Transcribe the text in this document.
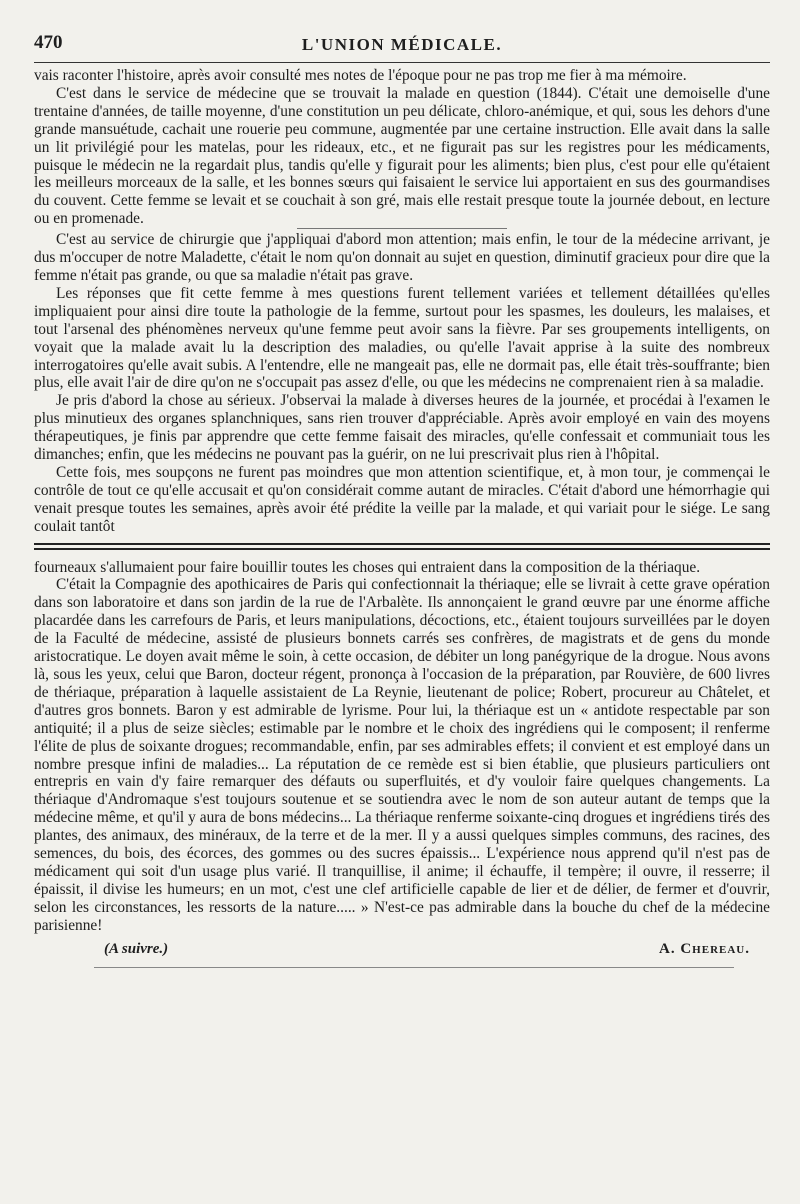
470	L'UNION MÉDICALE.

vais raconter l'histoire, après avoir consulté mes notes de l'époque pour ne pas trop me fier à ma mémoire.

C'est dans le service de médecine que se trouvait la malade en question (1844). C'était une demoiselle d'une trentaine d'années, de taille moyenne, d'une constitution un peu délicate, chloro-anémique, et qui, sous les dehors d'une grande mansuétude, cachait une rouerie peu commune, augmentée par une certaine instruction. Elle avait dans la salle un lit privilégié pour les matelas, pour les rideaux, etc., et ne figurait pas sur les registres pour les médicaments, puisque le médecin ne la regardait plus, tandis qu'elle y figurait pour les aliments; bien plus, c'est pour elle qu'étaient les meilleurs morceaux de la salle, et les bonnes sœurs qui faisaient le service lui apportaient en sus des gourmandises du couvent. Cette femme se levait et se couchait à son gré, mais elle restait presque toute la journée debout, en lecture ou en promenade.

C'est au service de chirurgie que j'appliquai d'abord mon attention; mais enfin, le tour de la médecine arrivant, je dus m'occuper de notre Maladette, c'était le nom qu'on donnait au sujet en question, diminutif gracieux pour dire que la femme n'était pas grande, ou que sa maladie n'était pas grave.

Les réponses que fit cette femme à mes questions furent tellement variées et tellement détaillées qu'elles impliquaient pour ainsi dire toute la pathologie de la femme, surtout pour les spasmes, les douleurs, les malaises, et tout l'arsenal des phénomènes nerveux qu'une femme peut avoir sans la fièvre. Par ses groupements intelligents, on voyait que la malade avait lu la description des maladies, ou qu'elle l'avait apprise à la suite des nombreux interrogatoires qu'elle avait subis. A l'entendre, elle ne mangeait pas, elle ne dormait pas, elle était très-souffrante; bien plus, elle avait l'air de dire qu'on ne s'occupait pas assez d'elle, ou que les médecins ne comprenaient rien à sa maladie.

Je pris d'abord la chose au sérieux. J'observai la malade à diverses heures de la journée, et procédai à l'examen le plus minutieux des organes splanchniques, sans rien trouver d'appréciable. Après avoir employé en vain des moyens thérapeutiques, je finis par apprendre que cette femme faisait des miracles, qu'elle confessait et communiait tous les dimanches; enfin, que les médecins ne pouvant pas la guérir, on ne lui prescrivait plus rien à l'hôpital.

Cette fois, mes soupçons ne furent pas moindres que mon attention scientifique, et, à mon tour, je commençai le contrôle de tout ce qu'elle accusait et qu'on considérait comme autant de miracles. C'était d'abord une hémorrhagie qui venait presque toutes les semaines, après avoir été prédite la veille par la malade, et qui variait pour le siége. Le sang coulait tantôt

fourneaux s'allumaient pour faire bouillir toutes les choses qui entraient dans la composition de la thériaque.

C'était la Compagnie des apothicaires de Paris qui confectionnait la thériaque; elle se livrait à cette grave opération dans son laboratoire et dans son jardin de la rue de l'Arbalète. Ils annonçaient le grand œuvre par une énorme affiche placardée dans les carrefours de Paris, et leurs manipulations, décoctions, etc., étaient toujours surveillées par le doyen de la Faculté de médecine, assisté de plusieurs bonnets carrés ses confrères, de magistrats et de gens du monde aristocratique. Le doyen avait même le soin, à cette occasion, de débiter un long panégyrique de la drogue. Nous avons là, sous les yeux, celui que Baron, docteur régent, prononça à l'occasion de la préparation, par Rouvière, de 600 livres de thériaque, préparation à laquelle assistaient de La Reynie, lieutenant de police; Robert, procureur au Châtelet, et d'autres gros bonnets. Baron y est admirable de lyrisme. Pour lui, la thériaque est un « antidote respectable par son antiquité; il a plus de seize siècles; estimable par le nombre et le choix des ingrédiens qui le composent; il renferme l'élite de plus de soixante drogues; recommandable, enfin, par ses admirables effets; il convient et est employé dans un nombre presque infini de maladies... La réputation de ce remède est si bien établie, que plusieurs particuliers ont entrepris en vain d'y faire remarquer des défauts ou superfluités, et d'y vouloir faire quelques changements. La thériaque d'Andromaque s'est toujours soutenue et se soutiendra avec le nom de son auteur autant de temps que la médecine même, et qu'il y aura de bons médecins... La thériaque renferme soixante-cinq drogues et ingrédiens tirés des plantes, des animaux, des minéraux, de la terre et de la mer. Il y a aussi quelques simples communs, des racines, des semences, du bois, des écorces, des gommes ou des sucres épaissis... L'expérience nous apprend qu'il n'est pas de médicament qui soit d'un usage plus varié. Il tranquillise, il anime; il échauffe, il tempère; il ouvre, il resserre; il épaissit, il divise les humeurs; en un mot, c'est une clef artificielle capable de lier et de délier, de fermer et d'ouvrir, selon les circonstances, les ressorts de la nature..... » N'est-ce pas admirable dans la bouche du chef de la médecine parisienne!

(A suivre.)	A. Chereau.
